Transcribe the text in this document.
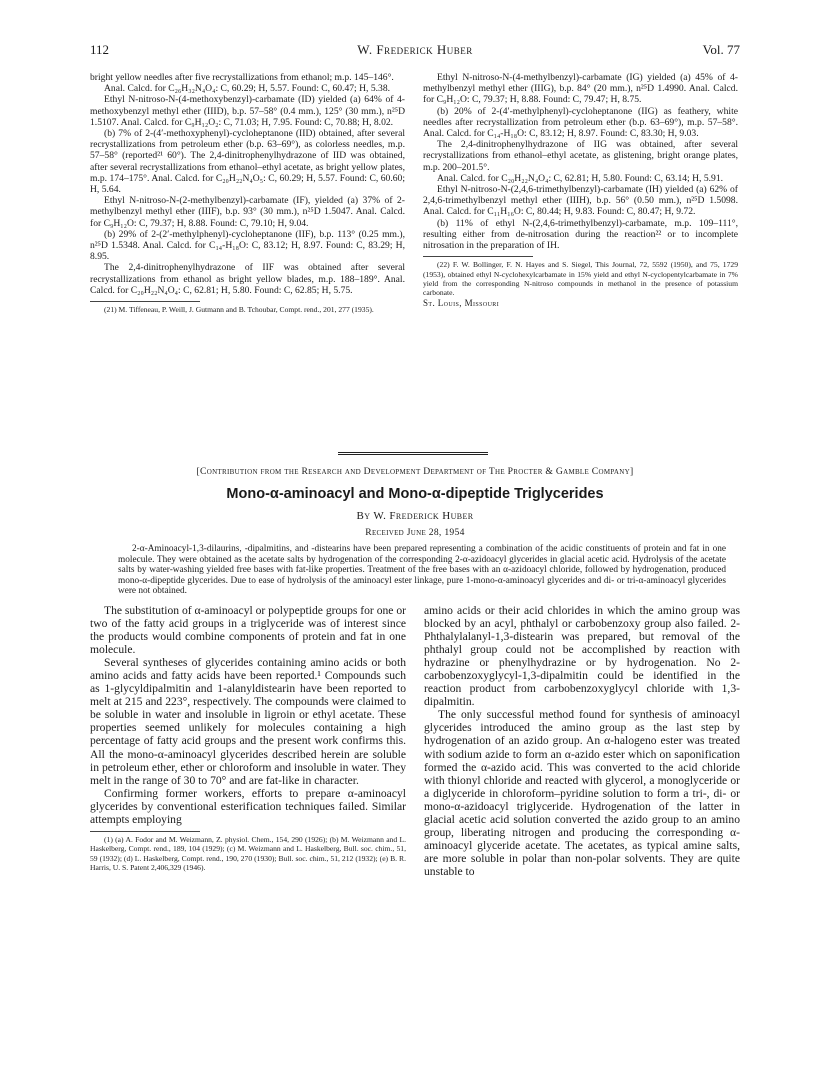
112	W. Frederick Huber	Vol. 77

bright yellow needles after five recrystallizations from ethanol; m.p. 145–146°.

Anal. Calcd. for C₂₆H₃₂N₄O₄: C, 60.29; H, 5.57. Found: C, 60.47; H, 5.38.

Ethyl N-nitroso-N-(4-methoxybenzyl)-carbamate (ID) yielded (a) 64% of 4-methoxybenzyl methyl ether (IIID), b.p. 57–58° (0.4 mm.), 125° (30 mm.), n²⁵D 1.5107. Anal. Calcd. for C₉H₁₂O₂: C, 71.03; H, 7.95. Found: C, 70.88; H, 8.02.

(b) 7% of 2-(4′-methoxyphenyl)-cycloheptanone (IID) obtained, after several recrystallizations from petroleum ether (b.p. 63–69°), as colorless needles, m.p. 57–58° (reported²¹ 60°). The 2,4-dinitrophenylhydrazone of IID was obtained, after several recrystallizations from ethanol–ethyl acetate, as bright yellow plates, m.p. 174–175°. Anal. Calcd. for C₂₀H₂₂N₄O₅: C, 60.29; H, 5.57. Found: C, 60.60; H, 5.64.

Ethyl N-nitroso-N-(2-methylbenzyl)-carbamate (IF), yielded (a) 37% of 2-methylbenzyl methyl ether (IIIF), b.p. 93° (30 mm.), n²⁵D 1.5047. Anal. Calcd. for C₉H₁₂O: C, 79.37; H, 8.88. Found: C, 79.10; H, 9.04.

(b) 29% of 2-(2′-methylphenyl)-cycloheptanone (IIF), b.p. 113° (0.25 mm.), n²⁵D 1.5348. Anal. Calcd. for C₁₄-H₁₈O: C, 83.12; H, 8.97. Found: C, 83.29; H, 8.95.

The 2,4-dinitrophenylhydrazone of IIF was obtained after several recrystallizations from ethanol as bright yellow blades, m.p. 188–189°. Anal. Calcd. for C₂₀H₂₂N₄O₄: C, 62.81; H, 5.80. Found: C, 62.85; H, 5.75.

(21) M. Tiffeneau, P. Weill, J. Gutmann and B. Tchoubar, Compt. rend., 201, 277 (1935).

Ethyl N-nitroso-N-(4-methylbenzyl)-carbamate (IG) yielded (a) 45% of 4-methylbenzyl methyl ether (IIIG), b.p. 84° (20 mm.), n²⁵D 1.4990. Anal. Calcd. for C₉H₁₂O: C, 79.37; H, 8.88. Found: C, 79.47; H, 8.75.

(b) 20% of 2-(4′-methylphenyl)-cycloheptanone (IIG) as feathery, white needles after recrystallization from petroleum ether (b.p. 63–69°), m.p. 57–58°. Anal. Calcd. for C₁₄-H₁₈O: C, 83.12; H, 8.97. Found: C, 83.30; H, 9.03.

The 2,4-dinitrophenylhydrazone of IIG was obtained, after several recrystallizations from ethanol–ethyl acetate, as glistening, bright orange plates, m.p. 200–201.5°.

Anal. Calcd. for C₂₀H₂₂N₄O₄: C, 62.81; H, 5.80. Found: C, 63.14; H, 5.91.

Ethyl N-nitroso-N-(2,4,6-trimethylbenzyl)-carbamate (IH) yielded (a) 62% of 2,4,6-trimethylbenzyl methyl ether (IIIH), b.p. 56° (0.50 mm.), n²⁵D 1.5098. Anal. Calcd. for C₁₁H₁₆O: C, 80.44; H, 9.83. Found: C, 80.47; H, 9.72.

(b) 11% of ethyl N-(2,4,6-trimethylbenzyl)-carbamate, m.p. 109–111°, resulting either from de-nitrosation during the reaction²² or to incomplete nitrosation in the preparation of IH.

(22) F. W. Bollinger, F. N. Hayes and S. Siegel, This Journal, 72, 5592 (1950), and 75, 1729 (1953), obtained ethyl N-cyclohexylcarbamate in 15% yield and ethyl N-cyclopentylcarbamate in 7% yield from the corresponding N-nitroso compounds in methanol in the presence of potassium carbonate.

St. Louis, Missouri

[Contribution from the Research and Development Department of The Procter & Gamble Company]
Mono-α-aminoacyl and Mono-α-dipeptide Triglycerides
By W. Frederick Huber
Received June 28, 1954
2-α-Aminoacyl-1,3-dilaurins, -dipalmitins, and -distearins have been prepared representing a combination of the acidic constituents of protein and fat in one molecule. They were obtained as the acetate salts by hydrogenation of the corresponding 2-α-azidoacyl glycerides in glacial acetic acid. Hydrolysis of the acetate salts by water-washing yielded free bases with fat-like properties. Treatment of the free bases with an α-azidoacyl chloride, followed by hydrogenation, produced mono-α-dipeptide glycerides. Due to ease of hydrolysis of the aminoacyl ester linkage, pure 1-mono-α-aminoacyl glycerides and di- or tri-α-aminoacyl glycerides were not obtained.

The substitution of α-aminoacyl or polypeptide groups for one or two of the fatty acid groups in a triglyceride was of interest since the products would combine components of protein and fat in one molecule.

Several syntheses of glycerides containing amino acids or both amino acids and fatty acids have been reported.¹ Compounds such as 1-glycyldipalmitin and 1-alanyldistearin have been reported to melt at 215 and 223°, respectively. The compounds were claimed to be soluble in water and insoluble in ligroin or ethyl acetate. These properties seemed unlikely for molecules containing a high percentage of fatty acid groups and the present work confirms this. All the mono-α-aminoacyl glycerides described herein are soluble in petroleum ether, ether or chloroform and insoluble in water. They melt in the range of 30 to 70° and are fat-like in character.

Confirming former workers, efforts to prepare α-aminoacyl glycerides by conventional esterification techniques failed. Similar attempts employing

(1) (a) A. Fodor and M. Weizmann, Z. physiol. Chem., 154, 290 (1926); (b) M. Weizmann and L. Haskelberg, Compt. rend., 189, 104 (1929); (c) M. Weizmann and L. Haskelberg, Bull. soc. chim., 51, 59 (1932); (d) L. Haskelberg, Compt. rend., 190, 270 (1930); Bull. soc. chim., 51, 212 (1932); (e) B. R. Harris, U. S. Patent 2,406,329 (1946).

amino acids or their acid chlorides in which the amino group was blocked by an acyl, phthalyl or carbobenzoxy group also failed. 2-Phthalylalanyl-1,3-distearin was prepared, but removal of the phthalyl group could not be accomplished by reaction with hydrazine or phenylhydrazine or by hydrogenation. No 2-carbobenzoxyglycyl-1,3-dipalmitin could be identified in the reaction product from carbobenzoxyglycyl chloride with 1,3-dipalmitin.

The only successful method found for synthesis of aminoacyl glycerides introduced the amino group as the last step by hydrogenation of an azido group. An α-halogeno ester was treated with sodium azide to form an α-azido ester which on saponification formed the α-azido acid. This was converted to the acid chloride with thionyl chloride and reacted with glycerol, a monoglyceride or a diglyceride in chloroform–pyridine solution to form a tri-, di- or mono-α-azidoacyl triglyceride. Hydrogenation of the latter in glacial acetic acid solution converted the azido group to an amino group, liberating nitrogen and producing the corresponding α-aminoacyl glyceride acetate. The acetates, as typical amine salts, are more soluble in polar than non-polar solvents. They are quite unstable to
